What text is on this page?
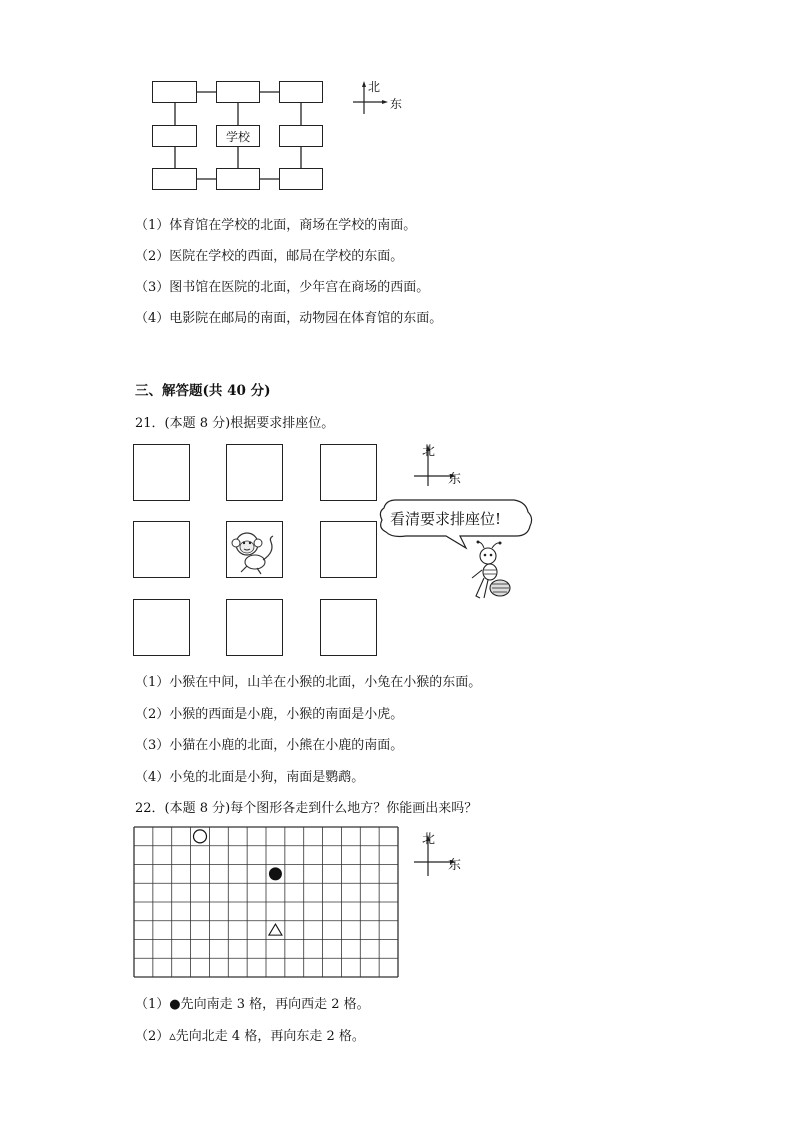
学校
北
东
（1）体育馆在学校的北面，商场在学校的南面。
（2）医院在学校的西面，邮局在学校的东面。
（3）图书馆在医院的北面，少年宫在商场的西面。
（4）电影院在邮局的南面，动物园在体育馆的东面。
三、解答题(共 40 分)
21．(本题 8 分)根据要求排座位。
北
东
看清要求排座位!
（1）小猴在中间，山羊在小猴的北面，小兔在小猴的东面。
（2）小猴的西面是小鹿，小猴的南面是小虎。
（3）小猫在小鹿的北面，小熊在小鹿的南面。
（4）小兔的北面是小狗，南面是鹦鹉。
22．(本题 8 分)每个图形各走到什么地方？你能画出来吗？
北
东
（1）●先向南走 3 格，再向西走 2 格。
（2）▵先向北走 4 格，再向东走 2 格。
